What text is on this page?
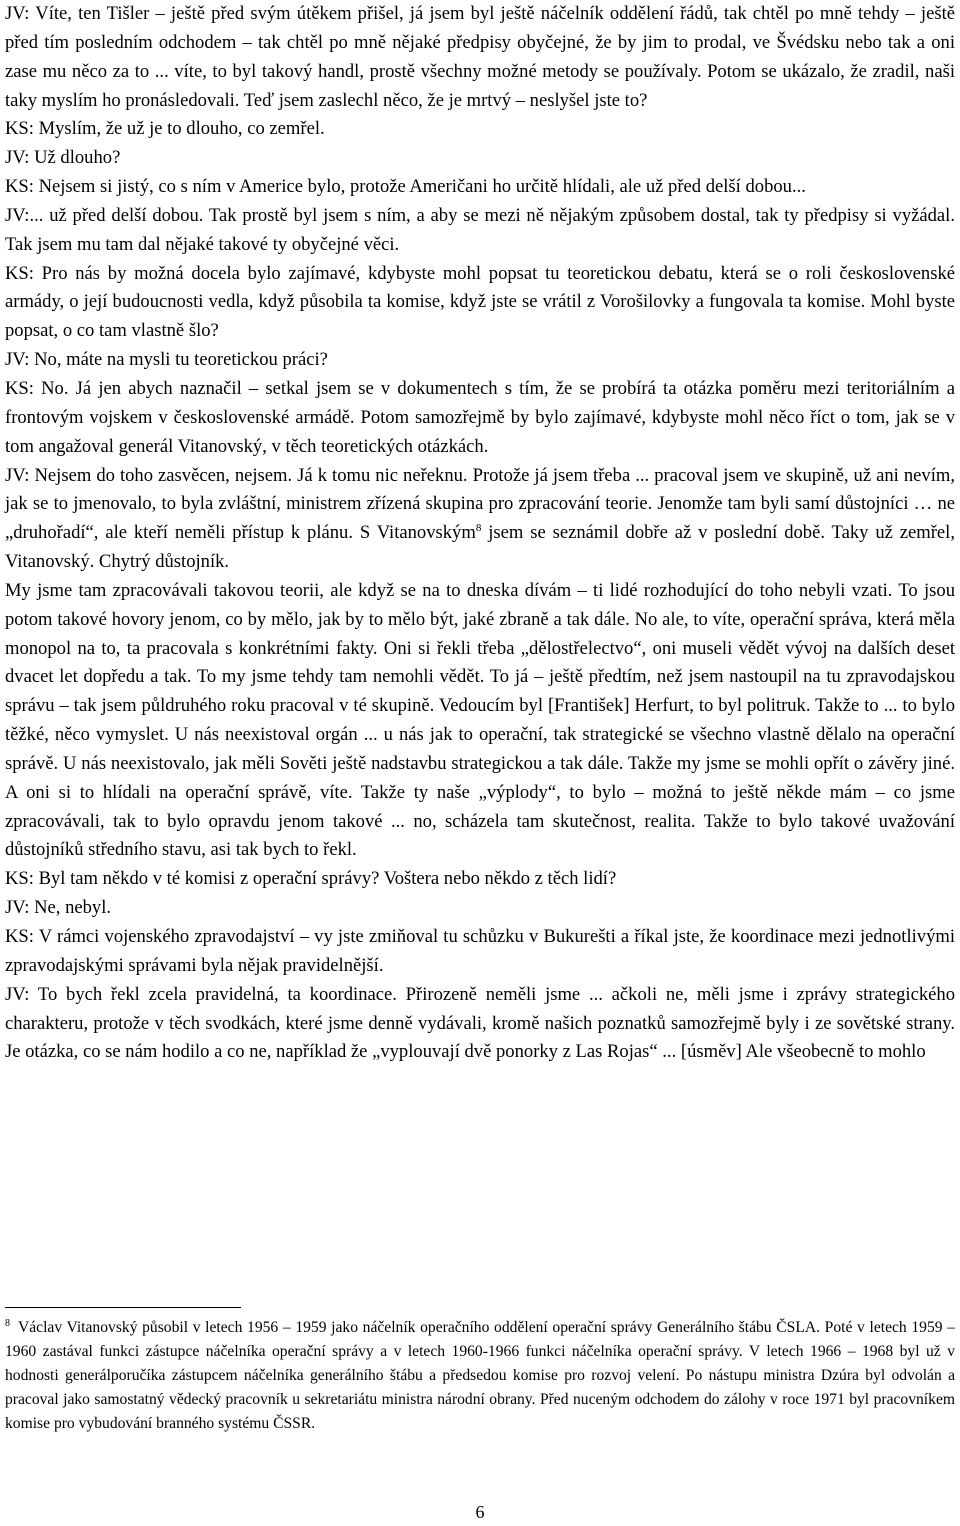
JV: Víte, ten Tišler – ještě před svým útěkem přišel, já jsem byl ještě náčelník oddělení řádů, tak chtěl po mně tehdy – ještě před tím posledním odchodem – tak chtěl po mně nějaké předpisy obyčejné, že by jim to prodal, ve Švédsku nebo tak a oni zase mu něco za to ... víte, to byl takový handl, prostě všechny možné metody se používaly. Potom se ukázalo, že zradil, naši taky myslím ho pronásledovali. Teď jsem zaslechl něco, že je mrtvý – neslyšel jste to?

KS: Myslím, že už je to dlouho, co zemřel.

JV: Už dlouho?

KS: Nejsem si jistý, co s ním v Americe bylo, protože Američani ho určitě hlídali, ale už před delší dobou...

JV:... už před delší dobou. Tak prostě byl jsem s ním, a aby se mezi ně nějakým způsobem dostal, tak ty předpisy si vyžádal. Tak jsem mu tam dal nějaké takové ty obyčejné věci.

KS: Pro nás by možná docela bylo zajímavé, kdybyste mohl popsat tu teoretickou debatu, která se o roli československé armády, o její budoucnosti vedla, když působila ta komise, když jste se vrátil z Vorošilovky a fungovala ta komise. Mohl byste popsat, o co tam vlastně šlo?

JV: No, máte na mysli tu teoretickou práci?

KS: No. Já jen abych naznačil – setkal jsem se v dokumentech s tím, že se probírá ta otázka poměru mezi teritoriálním a frontovým vojskem v československé armádě. Potom samozřejmě by bylo zajímavé, kdybyste mohl něco říct o tom, jak se v tom angažoval generál Vitanovský, v těch teoretických otázkách.

JV: Nejsem do toho zasvěcen, nejsem. Já k tomu nic neřeknu. Protože já jsem třeba ... pracoval jsem ve skupině, už ani nevím, jak se to jmenovalo, to byla zvláštní, ministrem zřízená skupina pro zpracování teorie. Jenomže tam byli samí důstojníci … ne „druhořadí“, ale kteří neměli přístup k plánu. S Vitanovským$^8$ jsem se seznámil dobře až v poslední době. Taky už zemřel, Vitanovský. Chytrý důstojník.

My jsme tam zpracovávali takovou teorii, ale když se na to dneska dívám – ti lidé rozhodující do toho nebyli vzati. To jsou potom takové hovory jenom, co by mělo, jak by to mělo být, jaké zbraně a tak dále. No ale, to víte, operační správa, která měla monopol na to, ta pracovala s konkrétními fakty. Oni si řekli třeba „dělostřelectvo“, oni museli vědět vývoj na dalších deset dvacet let dopředu a tak. To my jsme tehdy tam nemohli vědět. To já – ještě předtím, než jsem nastoupil na tu zpravodajskou správu – tak jsem půldruhého roku pracoval v té skupině. Vedoucím byl [František] Herfurt, to byl politruk. Takže to ... to bylo těžké, něco vymyslet. U nás neexistoval orgán ... u nás jak to operační, tak strategické se všechno vlastně dělalo na operační správě. U nás neexistovalo, jak měli Sověti ještě nadstavbu strategickou a tak dále. Takže my jsme se mohli opřít o závěry jiné. A oni si to hlídali na operační správě, víte. Takže ty naše „výplody“, to bylo – možná to ještě někde mám – co jsme zpracovávali, tak to bylo opravdu jenom takové ... no, scházela tam skutečnost, realita. Takže to bylo takové uvažování důstojníků středního stavu, asi tak bych to řekl.

KS: Byl tam někdo v té komisi z operační správy? Voštera nebo někdo z těch lidí?

JV: Ne, nebyl.

KS: V rámci vojenského zpravodajství – vy jste zmiňoval tu schůzku v Bukurešti a říkal jste, že koordinace mezi jednotlivými zpravodajskými správami byla nějak pravidelnější.

JV: To bych řekl zcela pravidelná, ta koordinace. Přirozeně neměli jsme ... ačkoli ne, měli jsme i zprávy strategického charakteru, protože v těch svodkách, které jsme denně vydávali, kromě našich poznatků samozřejmě byly i ze sovětské strany. Je otázka, co se nám hodilo a co ne, například že „vyplouvají dvě ponorky z Las Rojas“ ... [úsměv] Ale všeobecně to mohlo

$^8$ Václav Vitanovský působil v letech 1956 – 1959 jako náčelník operačního oddělení operační správy Generálního štábu ČSLA. Poté v letech 1959 – 1960 zastával funkci zástupce náčelníka operační správy a v letech 1960-1966 funkci náčelníka operační správy. V letech 1966 – 1968 byl už v hodnosti generálporučíka zástupcem náčelníka generálního štábu a předsedou komise pro rozvoj velení. Po nástupu ministra Dzúra byl odvolán a pracoval jako samostatný vědecký pracovník u sekretariátu ministra národní obrany. Před nuceným odchodem do zálohy v roce 1971 byl pracovníkem komise pro vybudování branného systému ČSSR.

6
